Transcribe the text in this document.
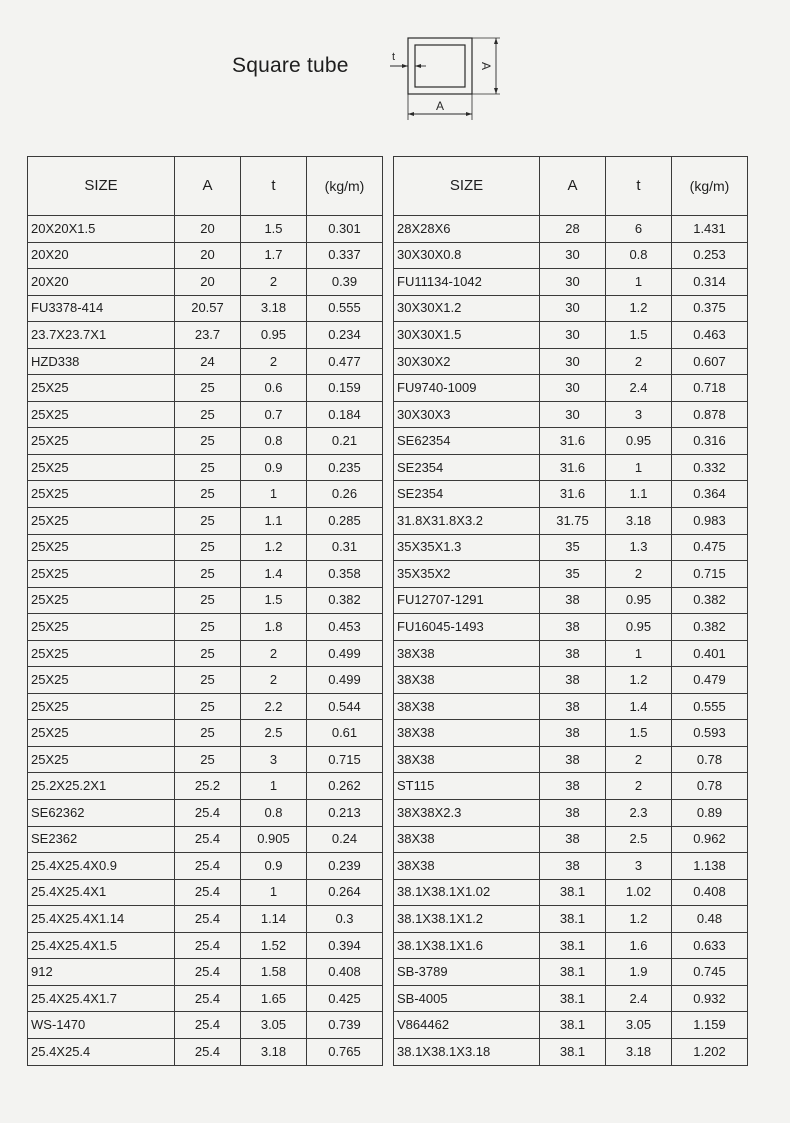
Square tube	t
A
A
SIZE	A	t	(kg/m)
20X20X1.5	20	1.5	0.301
20X20	20	1.7	0.337
20X20	20	2	0.39
FU3378-414	20.57	3.18	0.555
23.7X23.7X1	23.7	0.95	0.234
HZD338	24	2	0.477
25X25	25	0.6	0.159
25X25	25	0.7	0.184
25X25	25	0.8	0.21
25X25	25	0.9	0.235
25X25	25	1	0.26
25X25	25	1.1	0.285
25X25	25	1.2	0.31
25X25	25	1.4	0.358
25X25	25	1.5	0.382
25X25	25	1.8	0.453
25X25	25	2	0.499
25X25	25	2	0.499
25X25	25	2.2	0.544
25X25	25	2.5	0.61
25X25	25	3	0.715
25.2X25.2X1	25.2	1	0.262
SE62362	25.4	0.8	0.213
SE2362	25.4	0.905	0.24
25.4X25.4X0.9	25.4	0.9	0.239
25.4X25.4X1	25.4	1	0.264
25.4X25.4X1.14	25.4	1.14	0.3
25.4X25.4X1.5	25.4	1.52	0.394
912	25.4	1.58	0.408
25.4X25.4X1.7	25.4	1.65	0.425
WS-1470	25.4	3.05	0.739
25.4X25.4	25.4	3.18	0.765
SIZE	A	t	(kg/m)
28X28X6	28	6	1.431
30X30X0.8	30	0.8	0.253
FU11134-1042	30	1	0.314
30X30X1.2	30	1.2	0.375
30X30X1.5	30	1.5	0.463
30X30X2	30	2	0.607
FU9740-1009	30	2.4	0.718
30X30X3	30	3	0.878
SE62354	31.6	0.95	0.316
SE2354	31.6	1	0.332
SE2354	31.6	1.1	0.364
31.8X31.8X3.2	31.75	3.18	0.983
35X35X1.3	35	1.3	0.475
35X35X2	35	2	0.715
FU12707-1291	38	0.95	0.382
FU16045-1493	38	0.95	0.382
38X38	38	1	0.401
38X38	38	1.2	0.479
38X38	38	1.4	0.555
38X38	38	1.5	0.593
38X38	38	2	0.78
ST115	38	2	0.78
38X38X2.3	38	2.3	0.89
38X38	38	2.5	0.962
38X38	38	3	1.138
38.1X38.1X1.02	38.1	1.02	0.408
38.1X38.1X1.2	38.1	1.2	0.48
38.1X38.1X1.6	38.1	1.6	0.633
SB-3789	38.1	1.9	0.745
SB-4005	38.1	2.4	0.932
V864462	38.1	3.05	1.159
38.1X38.1X3.18	38.1	3.18	1.202
